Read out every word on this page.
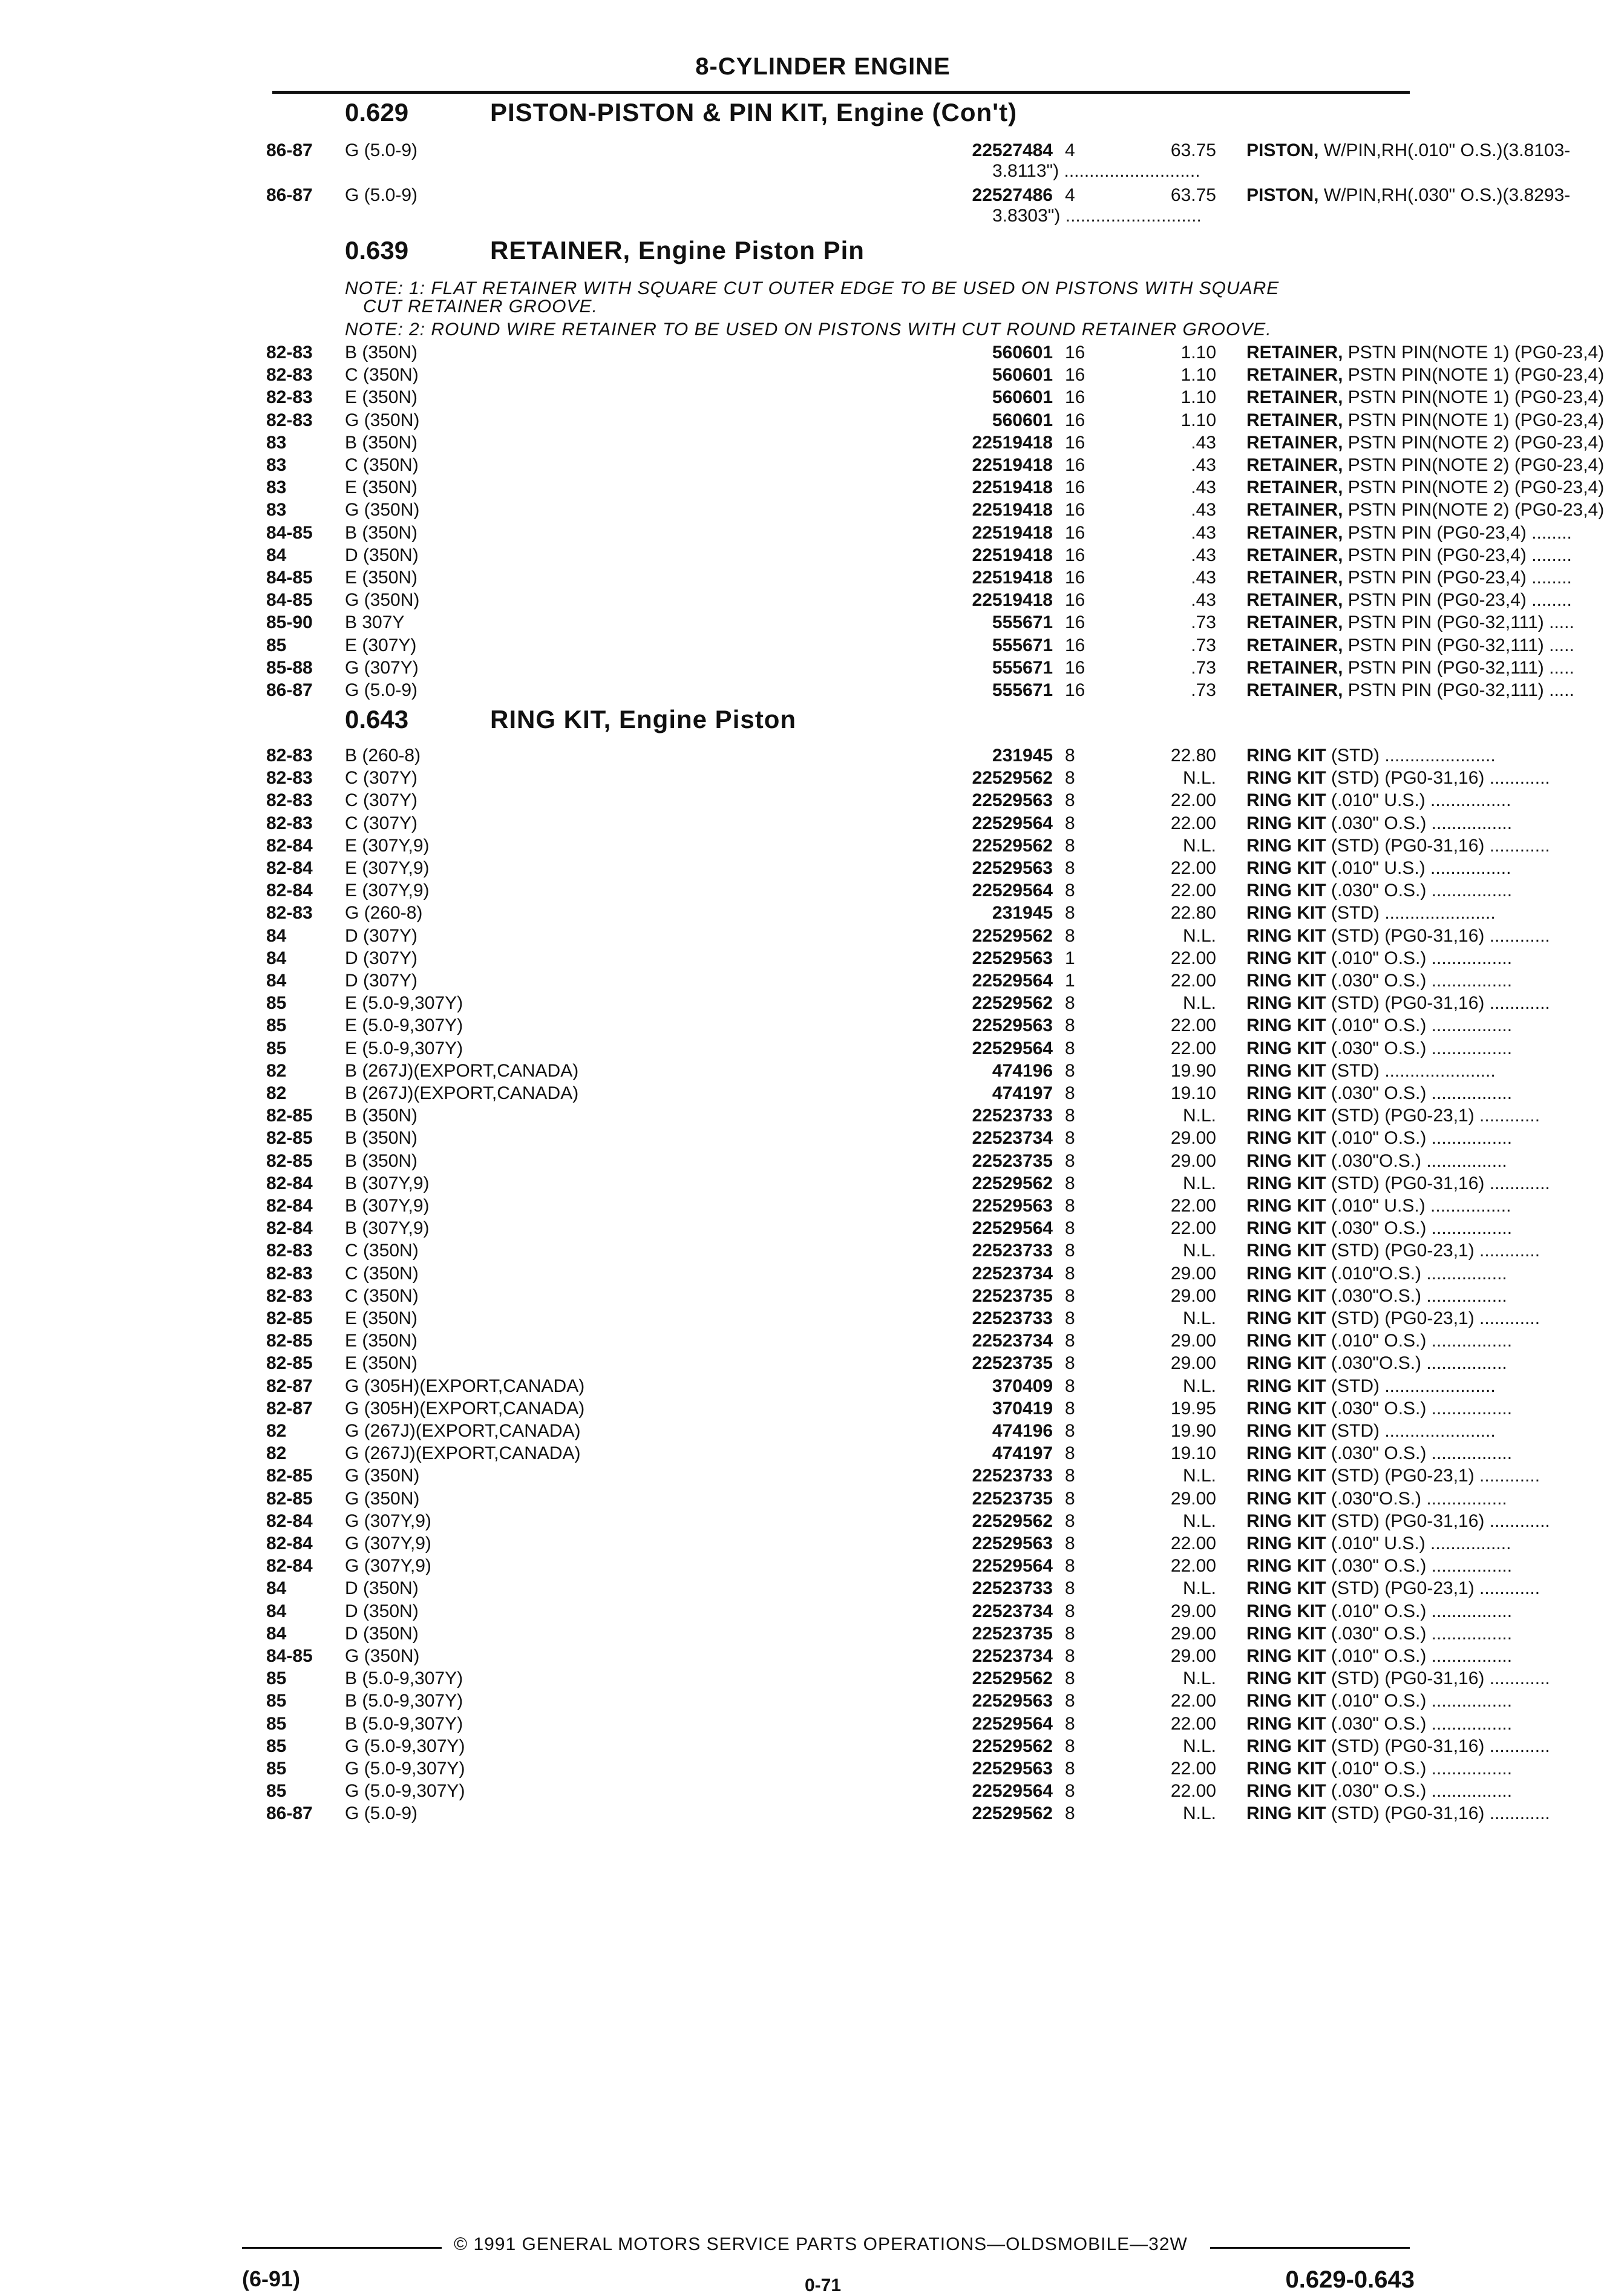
8-CYLINDER ENGINE
0.629	PISTON-PISTON & PIN KIT, Engine (Con't)
86-87 G (5.0-9)	22527484 4	63.75 PISTON, W/PIN,RH(.010" O.S.)(3.8103-
3.8113") ...........................
86-87 G (5.0-9)	22527486 4	63.75 PISTON, W/PIN,RH(.030" O.S.)(3.8293-
3.8303") ...........................
0.639	RETAINER, Engine Piston Pin
NOTE: 1: FLAT RETAINER WITH SQUARE CUT OUTER EDGE TO BE USED ON PISTONS WITH SQUARE
CUT RETAINER GROOVE.
NOTE: 2: ROUND WIRE RETAINER TO BE USED ON PISTONS WITH CUT ROUND RETAINER GROOVE.
82-83 B (350N)	560601 16	1.10 RETAINER, PSTN PIN(NOTE 1) (PG0-23,4)
82-83 C (350N)	560601 16	1.10 RETAINER, PSTN PIN(NOTE 1) (PG0-23,4)
82-83 E (350N)	560601 16	1.10 RETAINER, PSTN PIN(NOTE 1) (PG0-23,4)
82-83 G (350N)	560601 16	1.10 RETAINER, PSTN PIN(NOTE 1) (PG0-23,4)
83	B (350N)	22519418 16	.43 RETAINER, PSTN PIN(NOTE 2) (PG0-23,4)
83	C (350N)	22519418 16	.43 RETAINER, PSTN PIN(NOTE 2) (PG0-23,4)
83	E (350N)	22519418 16	.43 RETAINER, PSTN PIN(NOTE 2) (PG0-23,4)
83	G (350N)	22519418 16	.43 RETAINER, PSTN PIN(NOTE 2) (PG0-23,4)
84-85 B (350N)	22519418 16	.43 RETAINER, PSTN PIN (PG0-23,4) ........
84	D (350N)	22519418 16	.43 RETAINER, PSTN PIN (PG0-23,4) ........
84-85 E (350N)	22519418 16	.43 RETAINER, PSTN PIN (PG0-23,4) ........
84-85 G (350N)	22519418 16	.43 RETAINER, PSTN PIN (PG0-23,4) ........
85-90 B 307Y	555671 16	.73 RETAINER, PSTN PIN (PG0-32,111) .....
85	E (307Y)	555671 16	.73 RETAINER, PSTN PIN (PG0-32,111) .....
85-88 G (307Y)	555671 16	.73 RETAINER, PSTN PIN (PG0-32,111) .....
86-87 G (5.0-9)	555671 16	.73 RETAINER, PSTN PIN (PG0-32,111) .....
0.643	RING KIT, Engine Piston
82-83 B (260-8)	231945 8	22.80 RING KIT (STD) ......................
82-83 C (307Y)	22529562 8	N.L. RING KIT (STD) (PG0-31,16) ............
82-83 C (307Y)	22529563 8	22.00 RING KIT (.010" U.S.) ................
82-83 C (307Y)	22529564 8	22.00 RING KIT (.030" O.S.) ................
82-84 E (307Y,9)	22529562 8	N.L. RING KIT (STD) (PG0-31,16) ............
82-84 E (307Y,9)	22529563 8	22.00 RING KIT (.010" U.S.) ................
82-84 E (307Y,9)	22529564 8	22.00 RING KIT (.030" O.S.) ................
82-83 G (260-8)	231945 8	22.80 RING KIT (STD) ......................
84	D (307Y)	22529562 8	N.L. RING KIT (STD) (PG0-31,16) ............
84	D (307Y)	22529563 1	22.00 RING KIT (.010" O.S.) ................
84	D (307Y)	22529564 1	22.00 RING KIT (.030" O.S.) ................
85	E (5.0-9,307Y)	22529562 8	N.L. RING KIT (STD) (PG0-31,16) ............
85	E (5.0-9,307Y)	22529563 8	22.00 RING KIT (.010" O.S.) ................
85	E (5.0-9,307Y)	22529564 8	22.00 RING KIT (.030" O.S.) ................
82	B (267J)(EXPORT,CANADA)	474196 8	19.90 RING KIT (STD) ......................
82	B (267J)(EXPORT,CANADA)	474197 8	19.10 RING KIT (.030" O.S.) ................
82-85 B (350N)	22523733 8	N.L. RING KIT (STD) (PG0-23,1) ............
82-85 B (350N)	22523734 8	29.00 RING KIT (.010" O.S.) ................
82-85 B (350N)	22523735 8	29.00 RING KIT (.030"O.S.) ................
82-84 B (307Y,9)	22529562 8	N.L. RING KIT (STD) (PG0-31,16) ............
82-84 B (307Y,9)	22529563 8	22.00 RING KIT (.010" U.S.) ................
82-84 B (307Y,9)	22529564 8	22.00 RING KIT (.030" O.S.) ................
82-83 C (350N)	22523733 8	N.L. RING KIT (STD) (PG0-23,1) ............
82-83 C (350N)	22523734 8	29.00 RING KIT (.010"O.S.) ................
82-83 C (350N)	22523735 8	29.00 RING KIT (.030"O.S.) ................
82-85 E (350N)	22523733 8	N.L. RING KIT (STD) (PG0-23,1) ............
82-85 E (350N)	22523734 8	29.00 RING KIT (.010" O.S.) ................
82-85 E (350N)	22523735 8	29.00 RING KIT (.030"O.S.) ................
82-87 G (305H)(EXPORT,CANADA)	370409 8	N.L. RING KIT (STD) ......................
82-87 G (305H)(EXPORT,CANADA)	370419 8	19.95 RING KIT (.030" O.S.) ................
82	G (267J)(EXPORT,CANADA)	474196 8	19.90 RING KIT (STD) ......................
82	G (267J)(EXPORT,CANADA)	474197 8	19.10 RING KIT (.030" O.S.) ................
82-85 G (350N)	22523733 8	N.L. RING KIT (STD) (PG0-23,1) ............
82-85 G (350N)	22523735 8	29.00 RING KIT (.030"O.S.) ................
82-84 G (307Y,9)	22529562 8	N.L. RING KIT (STD) (PG0-31,16) ............
82-84 G (307Y,9)	22529563 8	22.00 RING KIT (.010" U.S.) ................
82-84 G (307Y,9)	22529564 8	22.00 RING KIT (.030" O.S.) ................
84	D (350N)	22523733 8	N.L. RING KIT (STD) (PG0-23,1) ............
84	D (350N)	22523734 8	29.00 RING KIT (.010" O.S.) ................
84	D (350N)	22523735 8	29.00 RING KIT (.030" O.S.) ................
84-85 G (350N)	22523734 8	29.00 RING KIT (.010" O.S.) ................
85	B (5.0-9,307Y)	22529562 8	N.L. RING KIT (STD) (PG0-31,16) ............
85	B (5.0-9,307Y)	22529563 8	22.00 RING KIT (.010" O.S.) ................
85	B (5.0-9,307Y)	22529564 8	22.00 RING KIT (.030" O.S.) ................
85	G (5.0-9,307Y)	22529562 8	N.L. RING KIT (STD) (PG0-31,16) ............
85	G (5.0-9,307Y)	22529563 8	22.00 RING KIT (.010" O.S.) ................
85	G (5.0-9,307Y)	22529564 8	22.00 RING KIT (.030" O.S.) ................
86-87 G (5.0-9)	22529562 8	N.L. RING KIT (STD) (PG0-31,16) ............
© 1991 GENERAL MOTORS SERVICE PARTS OPERATIONS—OLDSMOBILE—32W
(6-91)	0-71	0.629-0.643
